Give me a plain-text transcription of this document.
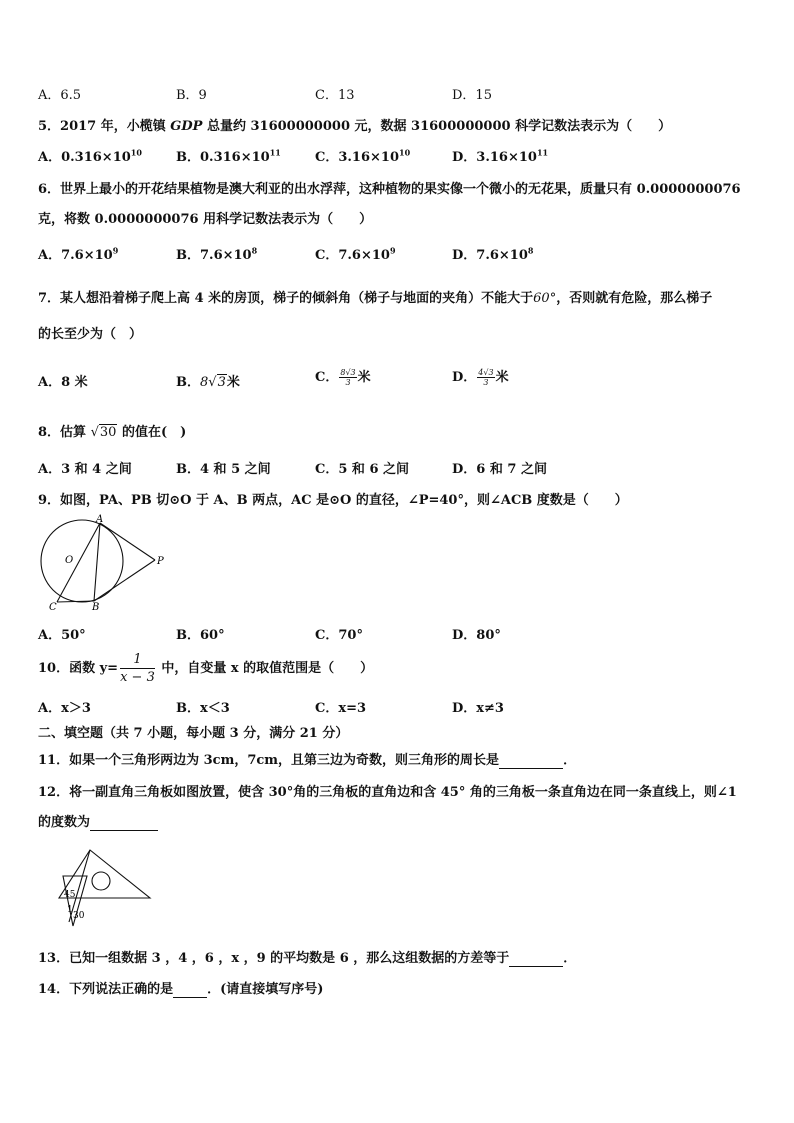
A．6.5	B．9	C．13	D．15
5．2017 年，小榄镇 GDP 总量约 31600000000 元，数据 31600000000 科学记数法表示为（　　）
A．$0.316\times 10^{10}$	B．$0.316\times 10^{11}$	C．$3.16\times 10^{10}$	D．$3.16\times 10^{11}$
6．世界上最小的开花结果植物是澳大利亚的出水浮萍，这种植物的果实像一个微小的无花果，质量只有 0.0000000076
克，将数 0.0000000076 用科学记数法表示为（　　）
A．$7.6\times 10^9$	B．$7.6\times 10^8$	C．$7.6\times 10^9$	D．$7.6\times 10^8$
7．某人想沿着梯子爬上高 4 米的房顶，梯子的倾斜角（梯子与地面的夹角）不能大于60°，否则就有危险，那么梯子
的长至少为（　）
A．8 米	B．8√3米	C． $\frac{8√3}{3}$ 米	D． $\frac{4√3}{3}$ 米
8．估算 √30 的值在(　)
A．3 和 4 之间	B．4 和 5 之间	C．5 和 6 之间	D．6 和 7 之间
9．如图，PA、PB 切⊙O 于 A、B 两点，AC 是⊙O 的直径，∠P=40°，则∠ACB 度数是（　　）
A
O	P
C	B
A．50°	B．60°	C．70°	D．80°
10．函数 $y= \frac{1}{x - 3}$ 中，自变量 x 的取值范围是（　　）
A．x＞3	B．x＜3	C．x=3	D．x≠3
二、填空题（共 7 小题，每小题 3 分，满分 21 分）
11．如果一个三角形两边为 3cm，7cm，且第三边为奇数，则三角形的周长是	．
12．将一副直角三角板如图放置，使含 30°角的三角板的直角边和含 45° 角的三角板一条直角边在同一条直线上，则∠1
的度数为
45
1
30
13．已知一组数据 3 ，4 ，6 ，x ，9 的平均数是 6 ，那么这组数据的方差等于	．
14．下列说法正确的是	．(请直接填写序号)
